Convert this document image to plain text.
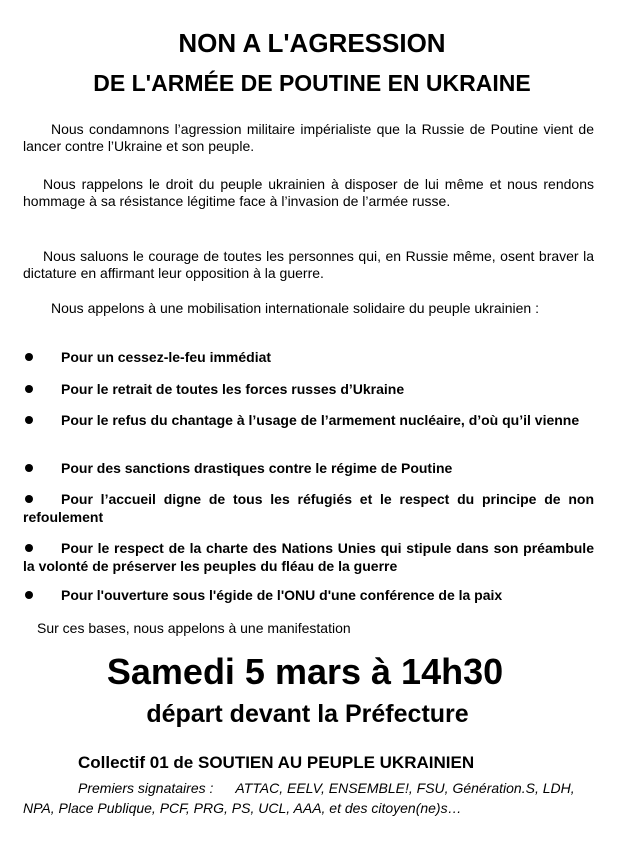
NON A L'AGRESSION
DE L'ARMÉE DE POUTINE EN UKRAINE

Nous condamnons l’agression militaire impérialiste que la Russie de Poutine vient de lancer contre l’Ukraine et son peuple.

Nous rappelons le droit du peuple ukrainien à disposer de lui même et nous rendons hommage à sa résistance légitime face à l’invasion de l’armée russe.

Nous saluons le courage de toutes les personnes qui, en Russie même, osent braver la dictature en affirmant leur opposition à la guerre.

Nous appelons à une mobilisation internationale solidaire du peuple ukrainien :

Pour un cessez-le-feu immédiat
Pour le retrait de toutes les forces russes d’Ukraine
Pour le refus du chantage à l’usage de l’armement nucléaire, d’où qu’il vienne
Pour des sanctions drastiques contre le régime de Poutine
Pour l’accueil digne de tous les réfugiés et le respect du principe de non refoulement
Pour le respect de la charte des Nations Unies qui stipule dans son préambule la volonté de préserver les peuples du fléau de la guerre
Pour l'ouverture sous l'égide de l'ONU d'une conférence de la paix

Sur ces bases, nous appelons à une manifestation

Samedi 5 mars à 14h30
départ devant la Préfecture
Collectif 01 de SOUTIEN AU PEUPLE UKRAINIEN
Premiers signataires : ATTAC, EELV, ENSEMBLE!, FSU, Génération.S, LDH, NPA, Place Publique, PCF, PRG, PS, UCL, AAA, et des citoyen(ne)s…
